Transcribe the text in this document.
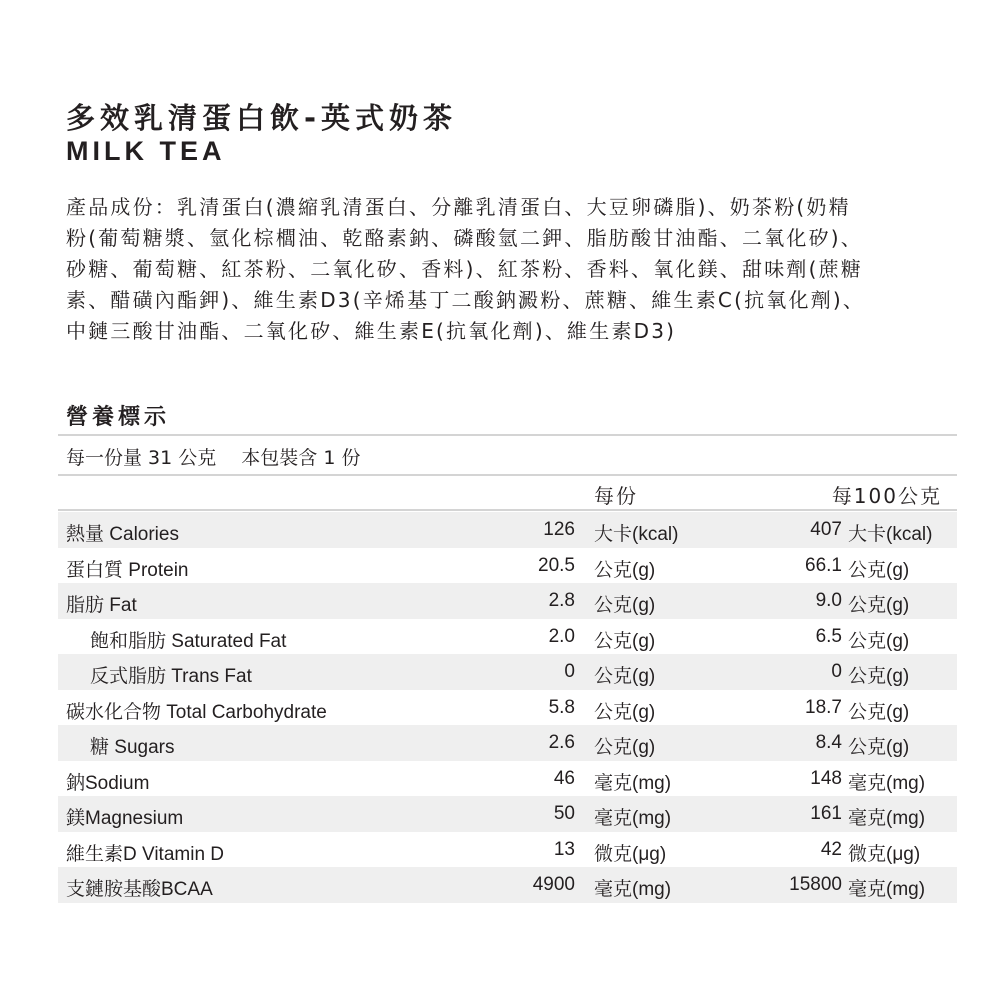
多效乳清蛋白飲-英式奶茶
MILK TEA
產品成份：乳清蛋白(濃縮乳清蛋白、分離乳清蛋白、大豆卵磷脂)、奶茶粉(奶精
粉(葡萄糖漿、氫化棕櫚油、乾酪素鈉、磷酸氫二鉀、脂肪酸甘油酯、二氧化矽)、
砂糖、葡萄糖、紅茶粉、二氧化矽、香料)、紅茶粉、香料、氧化鎂、甜味劑(蔗糖
素、醋磺內酯鉀)、維生素D3(辛烯基丁二酸鈉澱粉、蔗糖、維生素C(抗氧化劑)、
中鏈三酸甘油酯、二氧化矽、維生素E(抗氧化劑)、維生素D3)
營養標示
每一份量 31 公克　 本包裝含 1 份
每份	每100公克
熱量 Calories	126 大卡(kcal)	407 大卡(kcal)
蛋白質 Protein	20.5 公克(g)	66.1 公克(g)
脂肪 Fat	2.8 公克(g)	9.0 公克(g)
飽和脂肪 Saturated Fat	2.0 公克(g)	6.5 公克(g)
反式脂肪 Trans Fat	0 公克(g)	0 公克(g)
碳水化合物 Total Carbohydrate	5.8 公克(g)	18.7 公克(g)
糖 Sugars	2.6 公克(g)	8.4 公克(g)
鈉Sodium	46 毫克(mg)	148 毫克(mg)
鎂Magnesium	50 毫克(mg)	161 毫克(mg)
維生素D Vitamin D	13 微克(μg)	42 微克(μg)
支鏈胺基酸BCAA	4900 毫克(mg)	15800 毫克(mg)
